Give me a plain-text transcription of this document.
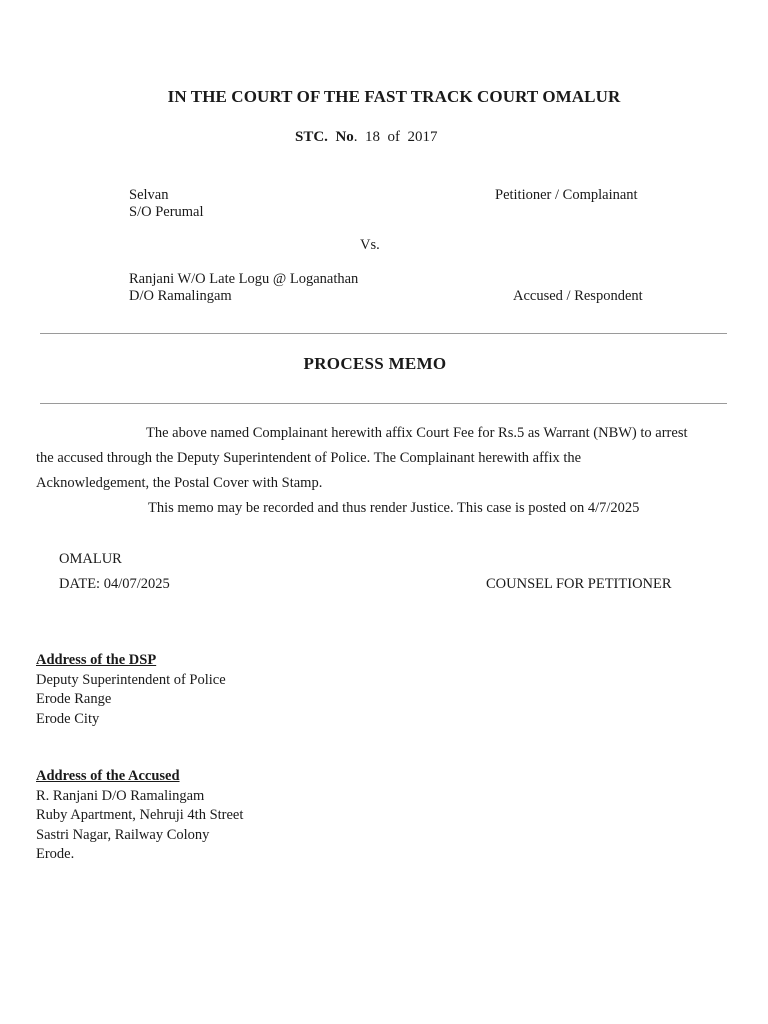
IN THE COURT OF THE FAST TRACK COURT OMALUR
STC. No.  18  of  2017
Selvan
S/O Perumal
Petitioner / Complainant
Vs.
Ranjani W/O Late Logu @ Loganathan
D/O Ramalingam	Accused / Respondent
PROCESS MEMO
The above named Complainant herewith affix Court Fee for Rs.5 as Warrant (NBW) to arrest
the accused through the Deputy Superintendent of Police. The Complainant herewith affix the
Acknowledgement, the Postal Cover with Stamp.
This memo may be recorded and thus render Justice. This case is posted on 4/7/2025
OMALUR
DATE: 04/07/2025	COUNSEL FOR PETITIONER
Address of the DSP
Deputy Superintendent of Police
Erode Range
Erode City
Address of the Accused
R. Ranjani D/O Ramalingam
Ruby Apartment, Nehruji 4th Street
Sastri Nagar, Railway Colony
Erode.
